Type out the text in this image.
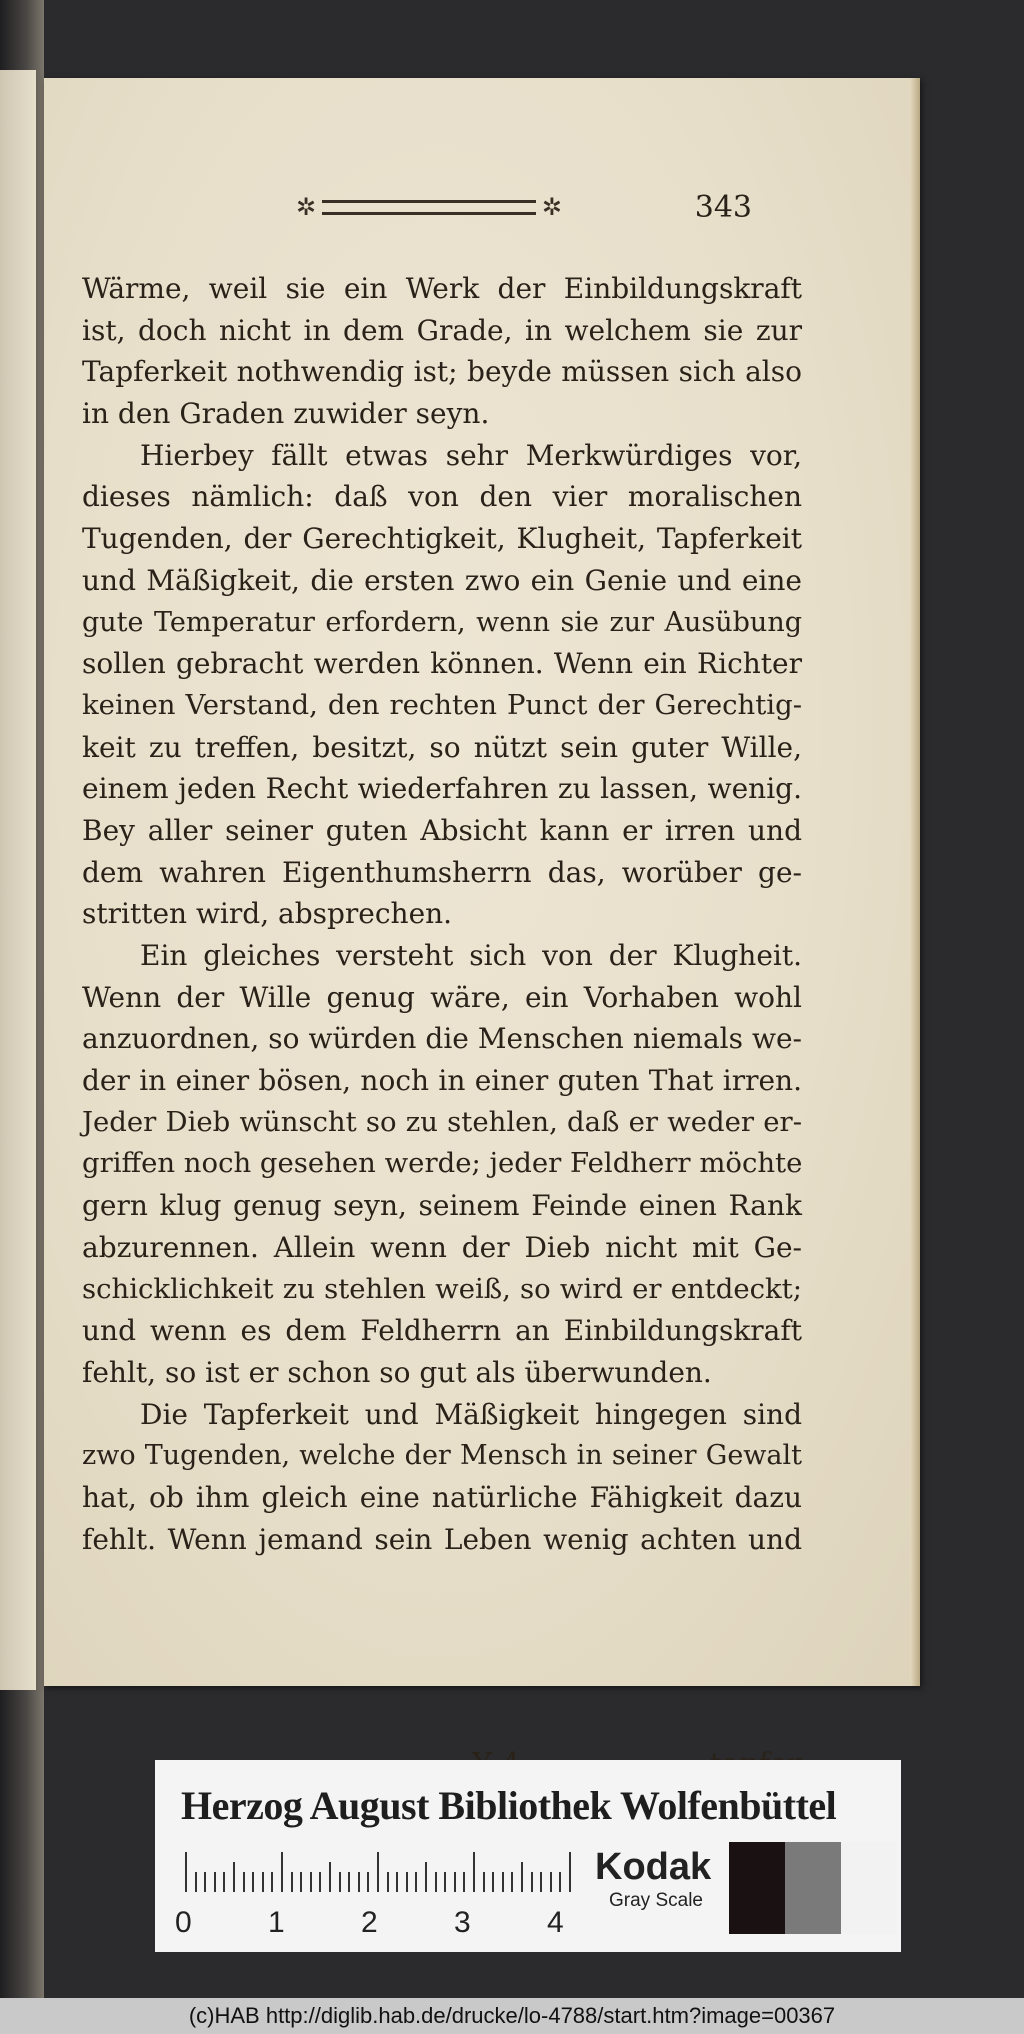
✲	✲	343
Wärme, weil sie ein Werk der Einbildungskraft
ist, doch nicht in dem Grade, in welchem sie zur
Tapferkeit nothwendig ist; beyde müssen sich also
in den Graden zuwider seyn.
Hierbey fällt etwas sehr Merkwürdiges vor,
dieses nämlich: daß von den vier moralischen
Tugenden, der Gerechtigkeit, Klugheit, Tapferkeit
und Mäßigkeit, die ersten zwo ein Genie und eine
gute Temperatur erfordern, wenn sie zur Ausübung
sollen gebracht werden können. Wenn ein Richter
keinen Verstand, den rechten Punct der Gerechtig-
keit zu treffen, besitzt, so nützt sein guter Wille,
einem jeden Recht wiederfahren zu lassen, wenig.
Bey aller seiner guten Absicht kann er irren und
dem wahren Eigenthumsherrn das, worüber ge-
stritten wird, absprechen.
Ein gleiches versteht sich von der Klugheit.
Wenn der Wille genug wäre, ein Vorhaben wohl
anzuordnen, so würden die Menschen niemals we-
der in einer bösen, noch in einer guten That irren.
Jeder Dieb wünscht so zu stehlen, daß er weder er-
griffen noch gesehen werde; jeder Feldherr möchte
gern klug genug seyn, seinem Feinde einen Rank
abzurennen. Allein wenn der Dieb nicht mit Ge-
schicklichkeit zu stehlen weiß, so wird er entdeckt;
und wenn es dem Feldherrn an Einbildungskraft
fehlt, so ist er schon so gut als überwunden.
Die Tapferkeit und Mäßigkeit hingegen sind
zwo Tugenden, welche der Mensch in seiner Gewalt
hat, ob ihm gleich eine natürliche Fähigkeit dazu
fehlt. Wenn jemand sein Leben wenig achten und
Herzog August Bibliothek Wolfenbüttel
0	1	2	3	4
Kodak
Gray Scale
(c)HAB http://diglib.hab.de/drucke/lo-4788/start.htm?image=00367
